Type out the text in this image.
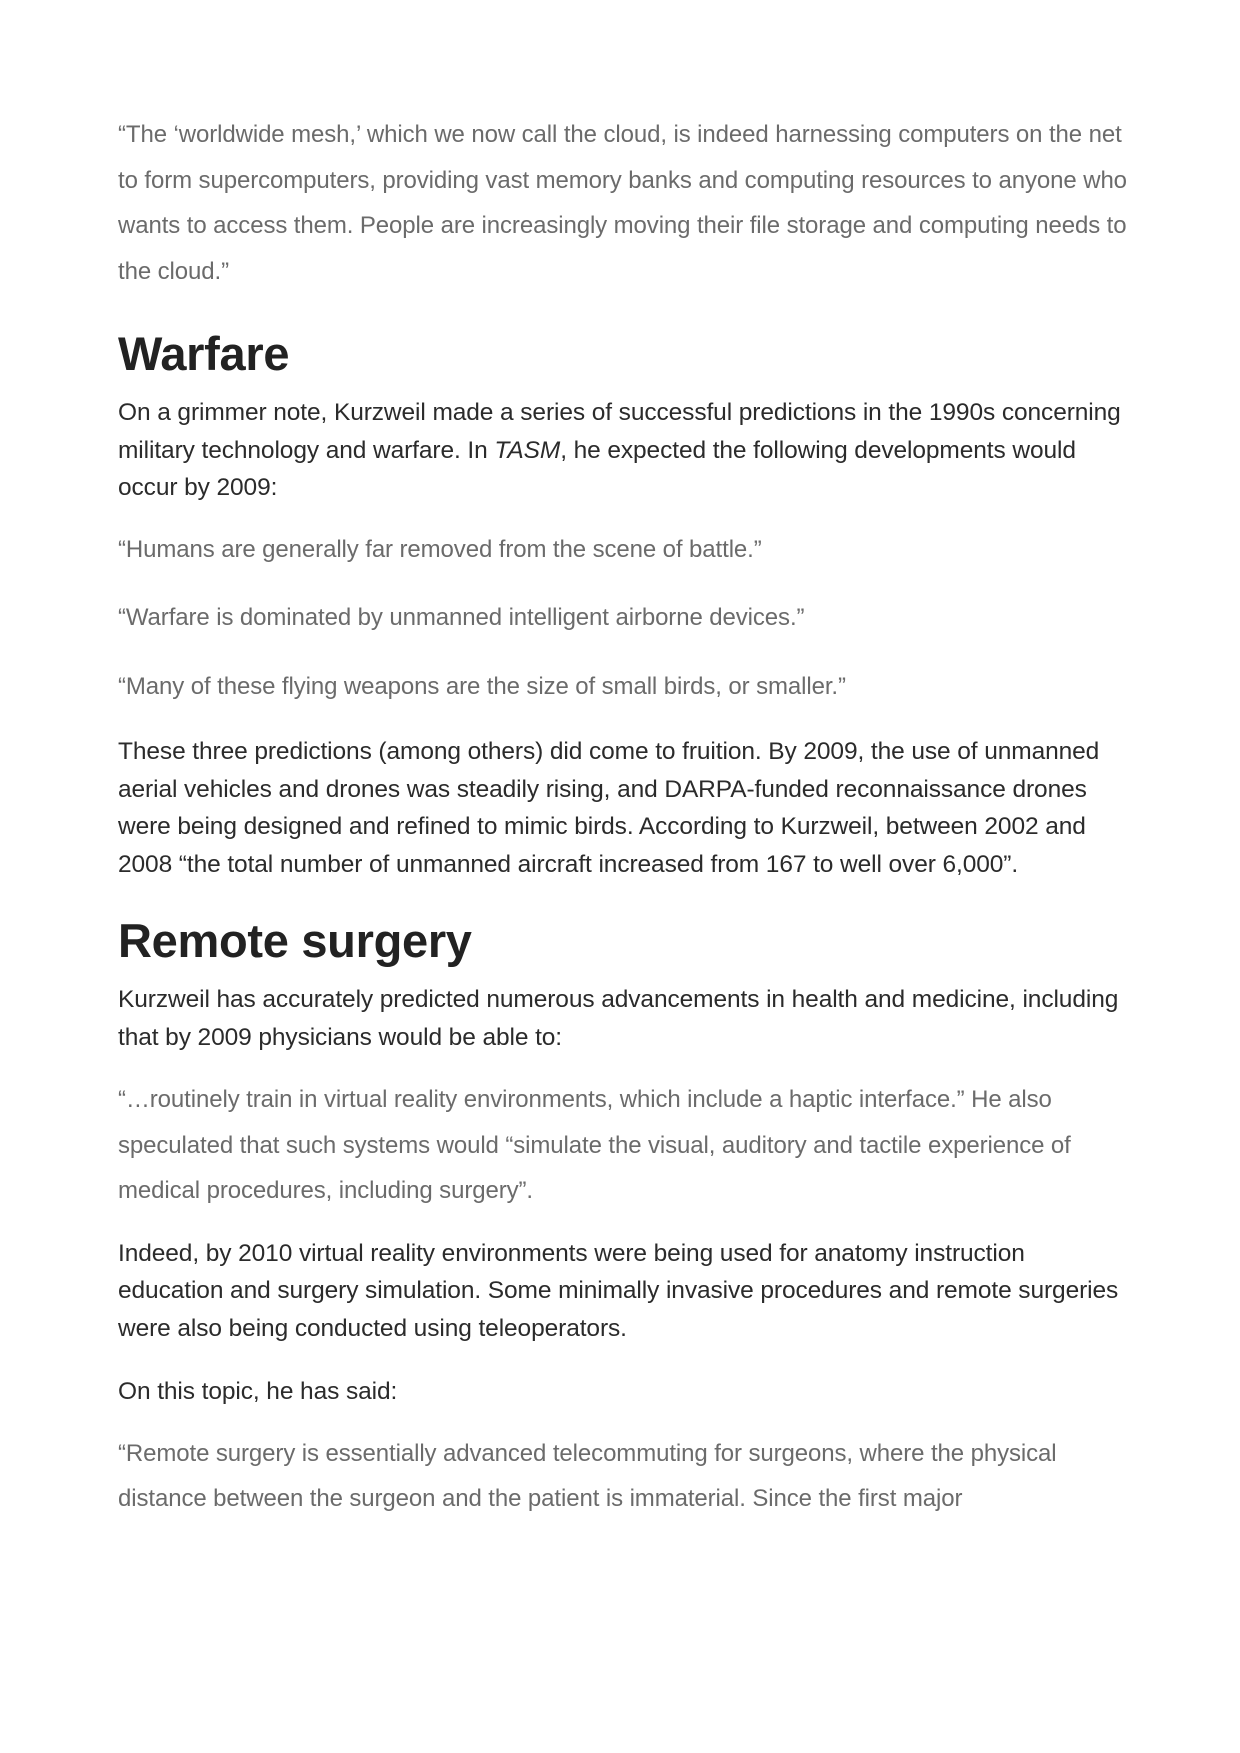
“The ‘worldwide mesh,’ which we now call the cloud, is indeed harnessing computers on the net to form supercomputers, providing vast memory banks and computing resources to anyone who wants to access them. People are increasingly moving their file storage and computing needs to the cloud.”

Warfare

On a grimmer note, Kurzweil made a series of successful predictions in the 1990s concerning military technology and warfare. In TASM, he expected the following developments would occur by 2009:

“Humans are generally far removed from the scene of battle.”

“Warfare is dominated by unmanned intelligent airborne devices.”

“Many of these flying weapons are the size of small birds, or smaller.”

These three predictions (among others) did come to fruition. By 2009, the use of unmanned aerial vehicles and drones was steadily rising, and DARPA-funded reconnaissance drones were being designed and refined to mimic birds. According to Kurzweil, between 2002 and 2008 “the total number of unmanned aircraft increased from 167 to well over 6,000”.

Remote surgery

Kurzweil has accurately predicted numerous advancements in health and medicine, including that by 2009 physicians would be able to:

“…routinely train in virtual reality environments, which include a haptic interface.” He also speculated that such systems would “simulate the visual, auditory and tactile experience of medical procedures, including surgery”.

Indeed, by 2010 virtual reality environments were being used for anatomy instruction education and surgery simulation. Some minimally invasive procedures and remote surgeries were also being conducted using teleoperators.

On this topic, he has said:

“Remote surgery is essentially advanced telecommuting for surgeons, where the physical distance between the surgeon and the patient is immaterial. Since the first major
